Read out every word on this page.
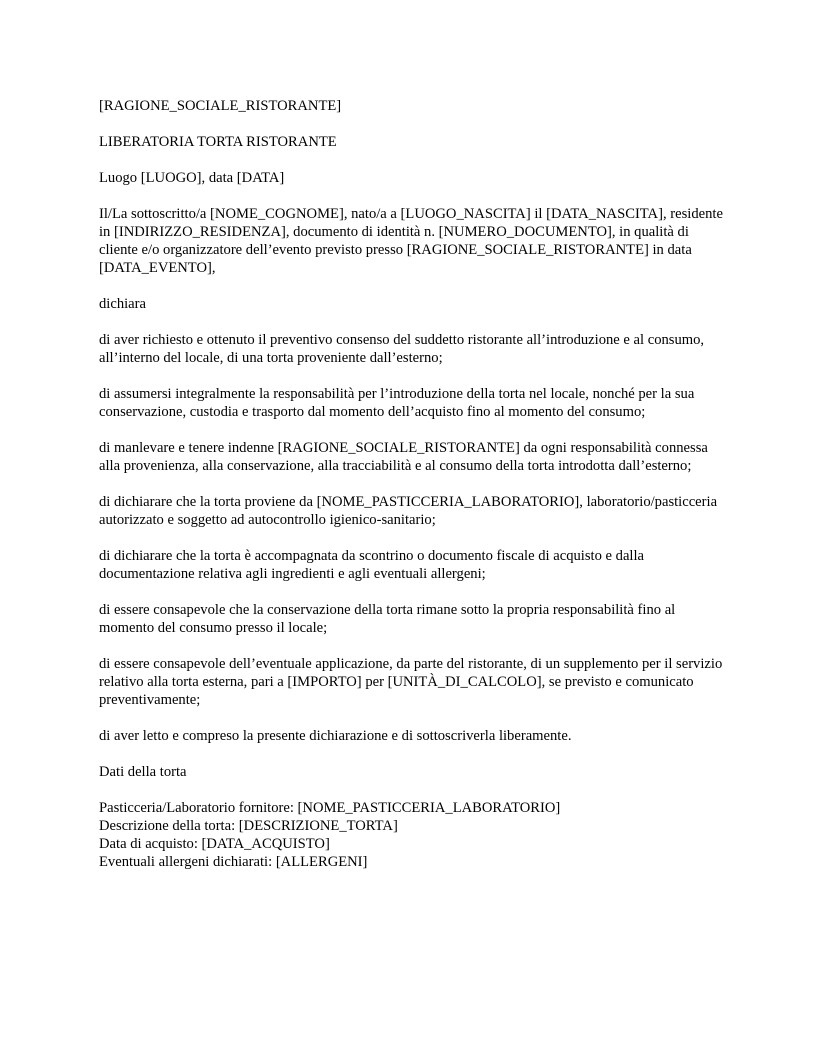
[RAGIONE_SOCIALE_RISTORANTE]

LIBERATORIA TORTA RISTORANTE

Luogo [LUOGO], data [DATA]

Il/La sottoscritto/a [NOME_COGNOME], nato/a a [LUOGO_NASCITA] il [DATA_NASCITA], residente in [INDIRIZZO_RESIDENZA], documento di identità n. [NUMERO_DOCUMENTO], in qualità di cliente e/o organizzatore dell’evento previsto presso [RAGIONE_SOCIALE_RISTORANTE] in data [DATA_EVENTO],

dichiara

di aver richiesto e ottenuto il preventivo consenso del suddetto ristorante all’introduzione e al consumo, all’interno del locale, di una torta proveniente dall’esterno;

di assumersi integralmente la responsabilità per l’introduzione della torta nel locale, nonché per la sua conservazione, custodia e trasporto dal momento dell’acquisto fino al momento del consumo;

di manlevare e tenere indenne [RAGIONE_SOCIALE_RISTORANTE] da ogni responsabilità connessa alla provenienza, alla conservazione, alla tracciabilità e al consumo della torta introdotta dall’esterno;

di dichiarare che la torta proviene da [NOME_PASTICCERIA_LABORATORIO], laboratorio/pasticceria autorizzato e soggetto ad autocontrollo igienico-sanitario;

di dichiarare che la torta è accompagnata da scontrino o documento fiscale di acquisto e dalla documentazione relativa agli ingredienti e agli eventuali allergeni;

di essere consapevole che la conservazione della torta rimane sotto la propria responsabilità fino al momento del consumo presso il locale;

di essere consapevole dell’eventuale applicazione, da parte del ristorante, di un supplemento per il servizio relativo alla torta esterna, pari a [IMPORTO] per [UNITÀ_DI_CALCOLO], se previsto e comunicato preventivamente;

di aver letto e compreso la presente dichiarazione e di sottoscriverla liberamente.

Dati della torta

Pasticceria/Laboratorio fornitore: [NOME_PASTICCERIA_LABORATORIO]

Descrizione della torta: [DESCRIZIONE_TORTA]

Data di acquisto: [DATA_ACQUISTO]

Eventuali allergeni dichiarati: [ALLERGENI]
